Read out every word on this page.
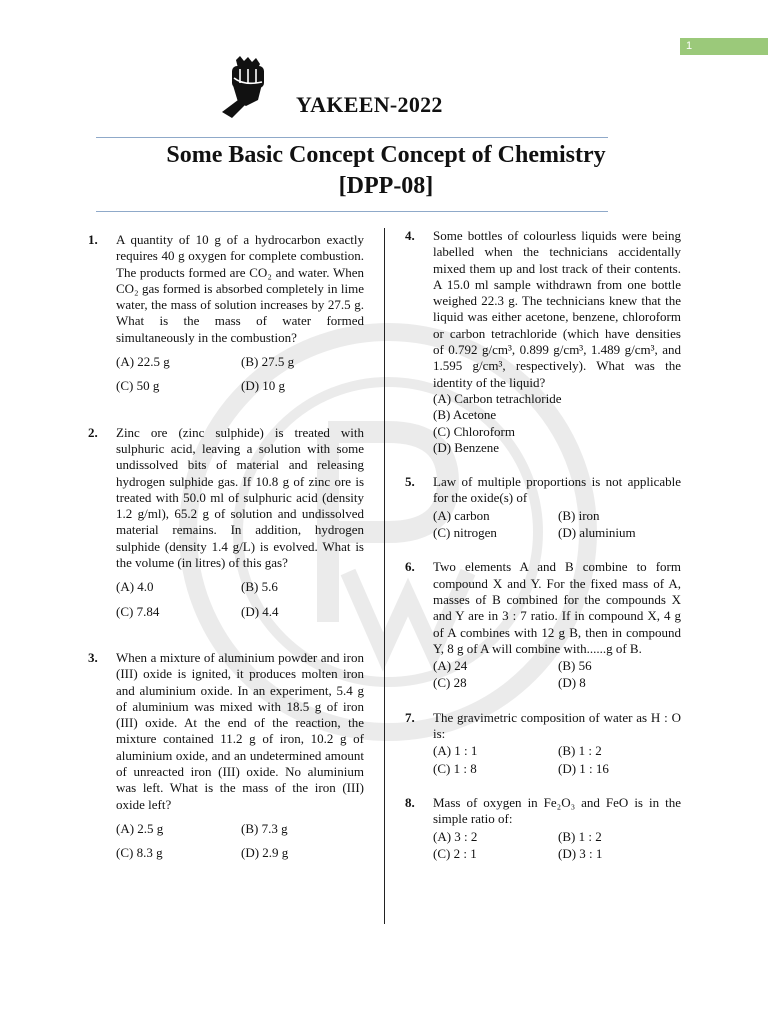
1
YAKEEN-2022
Some Basic Concept Concept of Chemistry
[DPP-08]
1. A quantity of 10 g of a hydrocarbon exactly requires 40 g oxygen for complete combustion. The products formed are CO₂ and water. When CO₂ gas formed is absorbed completely in lime water, the mass of solution increases by 27.5 g. What is the mass of water formed simultaneously in the combustion?
(A) 22.5 g	(B) 27.5 g
(C) 50 g	(D) 10 g
2. Zinc ore (zinc sulphide) is treated with sulphuric acid, leaving a solution with some undissolved bits of material and releasing hydrogen sulphide gas. If 10.8 g of zinc ore is treated with 50.0 ml of sulphuric acid (density 1.2 g/ml), 65.2 g of solution and undissolved material remains. In addition, hydrogen sulphide (density 1.4 g/L) is evolved. What is the volume (in litres) of this gas?
(A) 4.0	(B) 5.6
(C) 7.84	(D) 4.4
3. When a mixture of aluminium powder and iron (III) oxide is ignited, it produces molten iron and aluminium oxide. In an experiment, 5.4 g of aluminium was mixed with 18.5 g of iron (III) oxide. At the end of the reaction, the mixture contained 11.2 g of iron, 10.2 g of aluminium oxide, and an undetermined amount of unreacted iron (III) oxide. No aluminium was left. What is the mass of the iron (III) oxide left?
(A) 2.5 g	(B) 7.3 g
(C) 8.3 g	(D) 2.9 g
4. Some bottles of colourless liquids were being labelled when the technicians accidentally mixed them up and lost track of their contents. A 15.0 ml sample withdrawn from one bottle weighed 22.3 g. The technicians knew that the liquid was either acetone, benzene, chloroform or carbon tetrachloride (which have densities of 0.792 g/cm³, 0.899 g/cm³, 1.489 g/cm³, and 1.595 g/cm³, respectively). What was the identity of the liquid?
(A) Carbon tetrachloride
(B) Acetone
(C) Chloroform
(D) Benzene
5. Law of multiple proportions is not applicable for the oxide(s) of
(A) carbon	(B) iron
(C) nitrogen	(D) aluminium
6. Two elements A and B combine to form compound X and Y. For the fixed mass of A, masses of B combined for the compounds X and Y are in 3 : 7 ratio. If in compound X, 4 g of A combines with 12 g B, then in compound Y, 8 g of A will combine with......g of B.
(A) 24	(B) 56
(C) 28	(D) 8
7. The gravimetric composition of water as H : O is:
(A) 1 : 1	(B) 1 : 2
(C) 1 : 8	(D) 1 : 16
8. Mass of oxygen in Fe₂O₃ and FeO is in the simple ratio of:
(A) 3 : 2	(B) 1 : 2
(C) 2 : 1	(D) 3 : 1
